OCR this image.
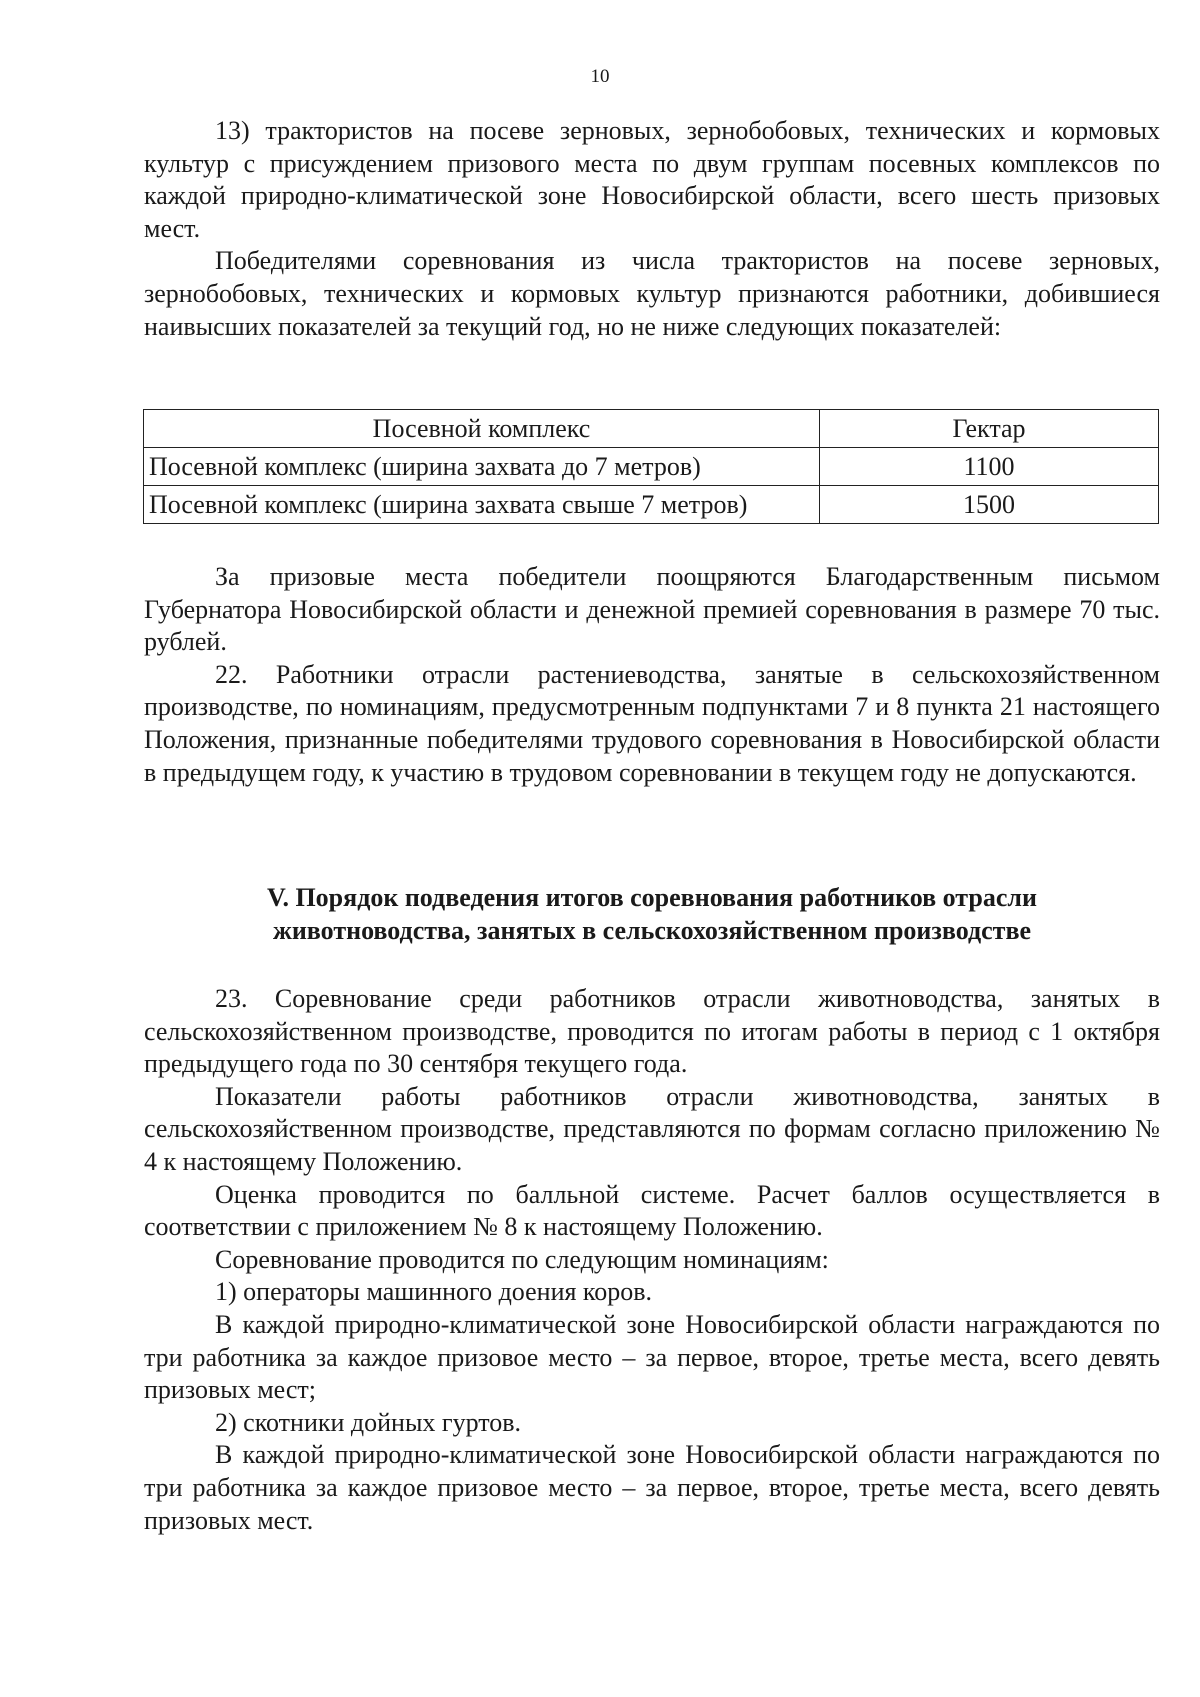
10

13) трактористов на посеве зерновых, зернобобовых, технических и кормовых культур с присуждением призового места по двум группам посевных комплексов по каждой природно-климатической зоне Новосибирской области, всего шесть призовых мест.

Победителями соревнования из числа трактористов на посеве зерновых, зернобобовых, технических и кормовых культур признаются работники, добившиеся наивысших показателей за текущий год, но не ниже следующих показателей:

Посевной комплекс	Гектар
Посевной комплекс (ширина захвата до 7 метров)	1100
Посевной комплекс (ширина захвата свыше 7 метров)	1500

За призовые места победители поощряются Благодарственным письмом Губернатора Новосибирской области и денежной премией соревнования в размере 70 тыс. рублей.

22. Работники отрасли растениеводства, занятые в сельскохозяйственном производстве, по номинациям, предусмотренным подпунктами 7 и 8 пункта 21 настоящего Положения, признанные победителями трудового соревнования в Новосибирской области в предыдущем году, к участию в трудовом соревновании в текущем году не допускаются.

V. Порядок подведения итогов соревнования работников отрасли
животноводства, занятых в сельскохозяйственном производстве

23. Соревнование среди работников отрасли животноводства, занятых в сельскохозяйственном производстве, проводится по итогам работы в период с 1 октября предыдущего года по 30 сентября текущего года.

Показатели работы работников отрасли животноводства, занятых в сельскохозяйственном производстве, представляются по формам согласно приложению № 4 к настоящему Положению.

Оценка проводится по балльной системе. Расчет баллов осуществляется в соответствии с приложением № 8 к настоящему Положению.

Соревнование проводится по следующим номинациям:

1) операторы машинного доения коров.

В каждой природно-климатической зоне Новосибирской области награждаются по три работника за каждое призовое место – за первое, второе, третье места, всего девять призовых мест;

2) скотники дойных гуртов.

В каждой природно-климатической зоне Новосибирской области награждаются по три работника за каждое призовое место – за первое, второе, третье места, всего девять призовых мест.
